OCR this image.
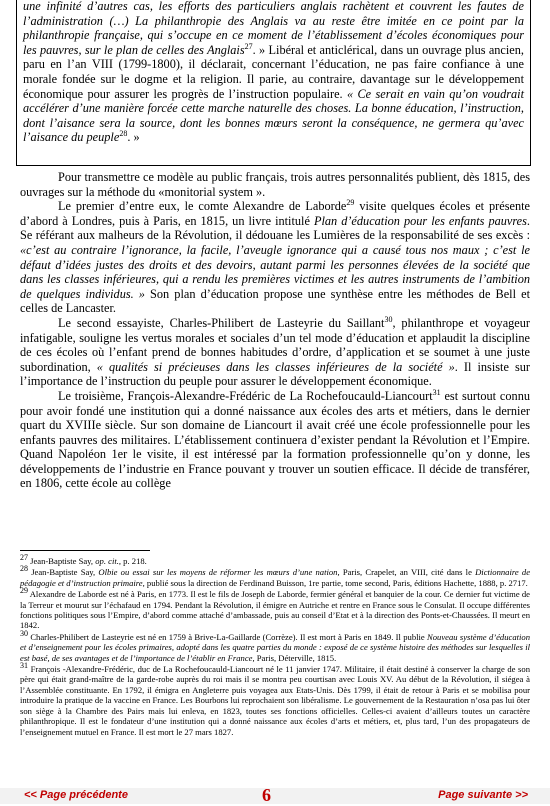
une infinité d’autres cas, les efforts des particuliers anglais rachètent et couvrent les fautes de l’administration (…) La philanthropie des Anglais va au reste être imitée en ce point par la philanthropie française, qui s’occupe en ce moment de l’établissement d’écoles économiques pour les pauvres, sur le plan de celles des Anglais$^{27}$. » Libéral et anticlérical, dans un ouvrage plus ancien, paru en l’an VIII (1799-1800), il déclarait, concernant l’éducation, ne pas faire confiance à une morale fondée sur le dogme et la religion. Il parie, au contraire, davantage sur le développement économique pour assurer les progrès de l’instruction populaire. « Ce serait en vain qu’on voudrait accélérer d’une manière forcée cette marche naturelle des choses. La bonne éducation, l’instruction, dont l’aisance sera la source, dont les bonnes mœurs seront la conséquence, ne germera qu’avec l’aisance du peuple$^{28}$. »

Pour transmettre ce modèle au public français, trois autres personnalités publient, dès 1815, des ouvrages sur la méthode du «monitorial system ».

Le premier d’entre eux, le comte Alexandre de Laborde$^{29}$ visite quelques écoles et présente d’abord à Londres, puis à Paris, en 1815, un livre intitulé Plan d’éducation pour les enfants pauvres. Se référant aux malheurs de la Révolution, il dédouane les Lumières de la responsabilité de ses excès : «c’est au contraire l’ignorance, la facile, l’aveugle ignorance qui a causé tous nos maux ; c’est le défaut d’idées justes des droits et des devoirs, autant parmi les personnes élevées de la société que dans les classes inférieures, qui a rendu les premières victimes et les autres instruments de l’ambition de quelques individus. » Son plan d’éducation propose une synthèse entre les méthodes de Bell et celles de Lancaster.

Le second essayiste, Charles-Philibert de Lasteyrie du Saillant$^{30}$, philanthrope et voyageur infatigable, souligne les vertus morales et sociales d’un tel mode d’éducation et applaudit la discipline de ces écoles où l’enfant prend de bonnes habitudes d’ordre, d’application et se soumet à une juste subordination, « qualités si précieuses dans les classes inférieures de la société ». Il insiste sur l’importance de l’instruction du peuple pour assurer le développement économique.

Le troisième, François-Alexandre-Frédéric de La Rochefoucauld-Liancourt$^{31}$ est surtout connu pour avoir fondé une institution qui a donné naissance aux écoles des arts et métiers, dans le dernier quart du XVIIIe siècle. Sur son domaine de Liancourt il avait créé une école professionnelle pour les enfants pauvres des militaires. L’établissement continuera d’exister pendant la Révolution et l’Empire. Quand Napoléon 1er le visite, il est intéressé par la formation professionnelle qu’on y donne, les développements de l’industrie en France pouvant y trouver un soutien efficace. Il décide de transférer, en 1806, cette école au collège

$^{27}$ Jean-Baptiste Say, op. cit., p. 218.

$^{28}$ Jean-Baptiste Say, Olbie ou essai sur les moyens de réformer les mœurs d’une nation, Paris, Crapelet, an VIII, cité dans le Dictionnaire de pédagogie et d’instruction primaire, publié sous la direction de Ferdinand Buisson, 1re partie, tome second, Paris, éditions Hachette, 1888, p. 2717.

$^{29}$ Alexandre de Laborde est né à Paris, en 1773. Il est le fils de Joseph de Laborde, fermier général et banquier de la cour. Ce dernier fut victime de la Terreur et mourut sur l’échafaud en 1794. Pendant la Révolution, il émigre en Autriche et rentre en France sous le Consulat. Il occupe différentes fonctions politiques sous l’Empire, d’abord comme attaché d’ambassade, puis au conseil d’Etat et à la direction des Ponts-et-Chaussées. Il meurt en 1842.

$^{30}$ Charles-Philibert de Lasteyrie est né en 1759 à Brive-La-Gaillarde (Corrèze). Il est mort à Paris en 1849. Il publie Nouveau système d’éducation et d’enseignement pour les écoles primaires, adopté dans les quatre parties du monde : exposé de ce système histoire des méthodes sur lesquelles il est basé, de ses avantages et de l’importance de l’établir en France, Paris, Déterville, 1815.

$^{31}$ François -Alexandre-Frédéric, duc de La Rochefoucauld-Liancourt né le 11 janvier 1747. Militaire, il était destiné à conserver la charge de son père qui était grand-maître de la garde-robe auprès du roi mais il se montra peu courtisan avec Louis XV. Au début de la Révolution, il siégea à l’Assemblée constituante. En 1792, il émigra en Angleterre puis voyagea aux Etats-Unis. Dès 1799, il était de retour à Paris et se mobilisa pour introduire la pratique de la vaccine en France. Les Bourbons lui reprochaient son libéralisme. Le gouvernement de la Restauration n’osa pas lui ôter son siège à la Chambre des Pairs mais lui enleva, en 1823, toutes ses fonctions officielles. Celles-ci avaient d’ailleurs toutes un caractère philanthropique. Il est le fondateur d’une institution qui a donné naissance aux écoles d’arts et métiers, et, plus tard, l’un des propagateurs de l’enseignement mutuel en France. Il est mort le 27 mars 1827.

<< Page précédente	6	Page suivante >>
